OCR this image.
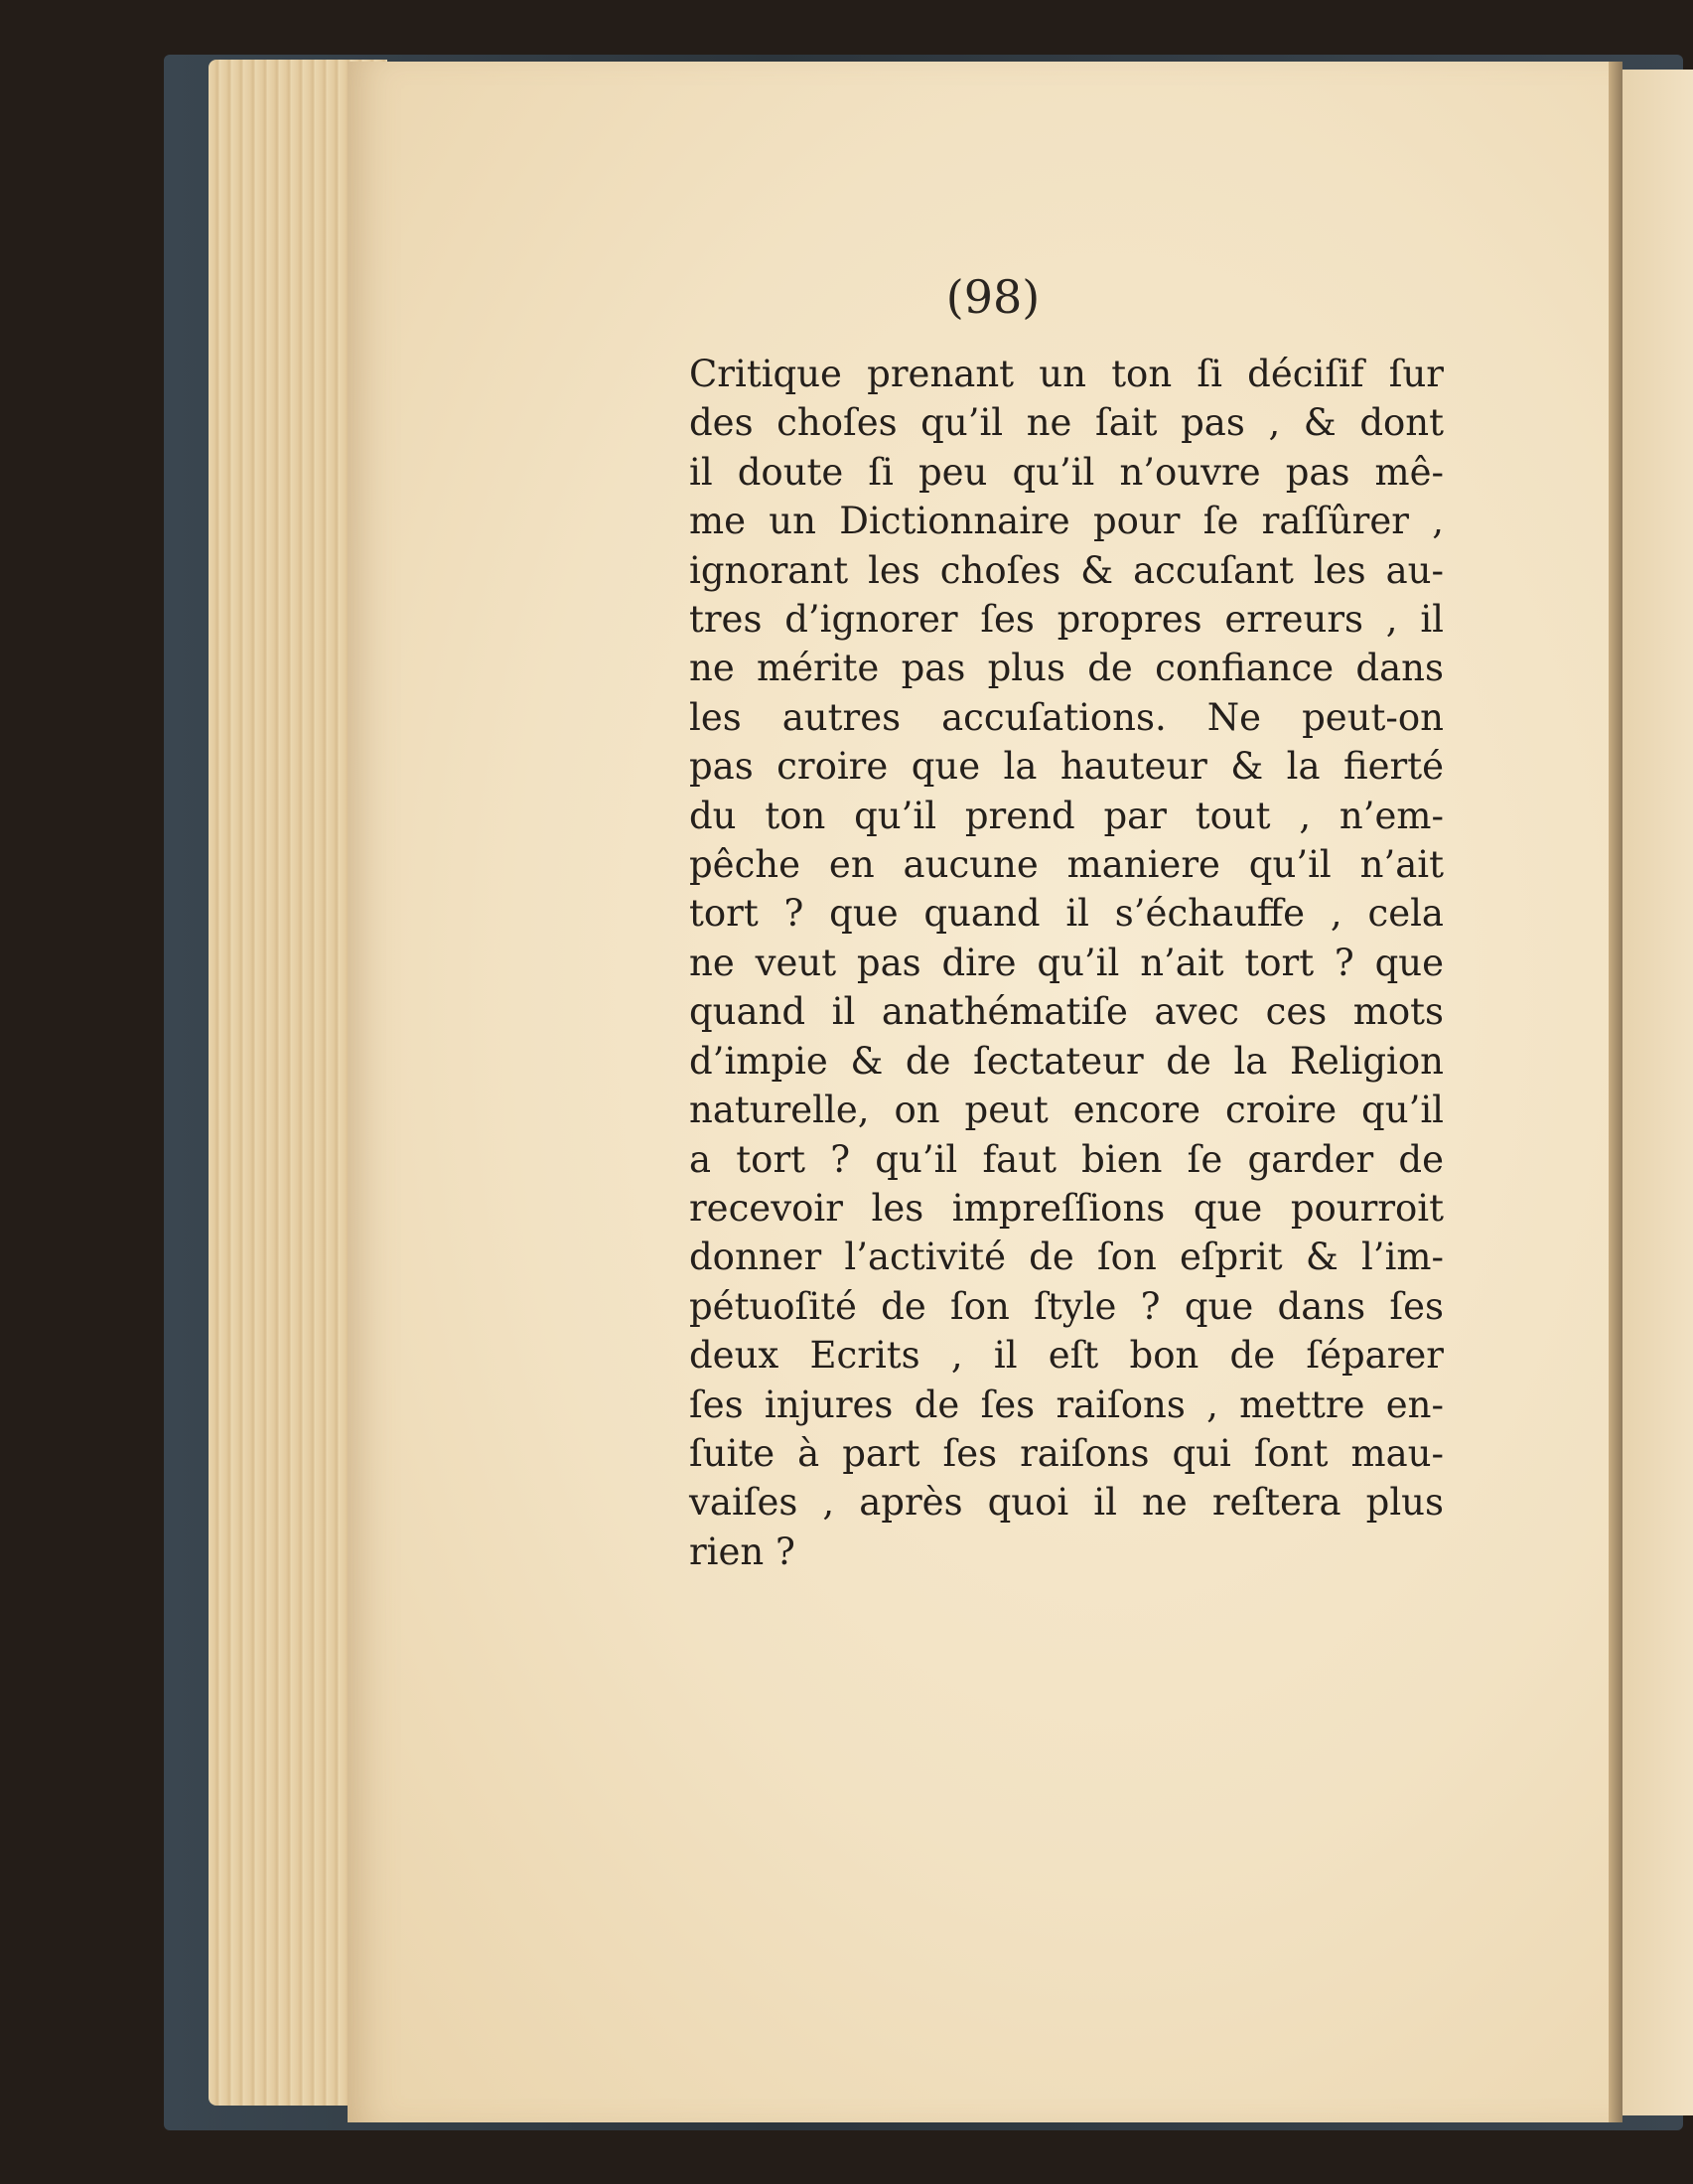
(98)
Critique prenant un ton ſi déciſif ſur
des choſes qu’il ne ſait pas , & dont
il doute ſi peu qu’il n’ouvre pas mê-
me un Dictionnaire pour ſe raſſûrer ,
ignorant les choſes & accuſant les au-
tres d’ignorer ſes propres erreurs , il
ne mérite pas plus de confiance dans
les autres accuſations. Ne peut-on
pas croire que la hauteur & la fierté
du ton qu’il prend par tout , n’em-
pêche en aucune maniere qu’il n’ait
tort ? que quand il s’échauffe , cela
ne veut pas dire qu’il n’ait tort ? que
quand il anathématiſe avec ces mots
d’impie & de ſectateur de la Religion
naturelle, on peut encore croire qu’il
a tort ? qu’il faut bien ſe garder de
recevoir les impreſſions que pourroit
donner l’activité de ſon eſprit & l’im-
pétuoſité de ſon ſtyle ? que dans ſes
deux Ecrits , il eſt bon de ſéparer
ſes injures de ſes raiſons , mettre en-
ſuite à part ſes raiſons qui ſont mau-
vaiſes , après quoi il ne reſtera plus
rien ?
